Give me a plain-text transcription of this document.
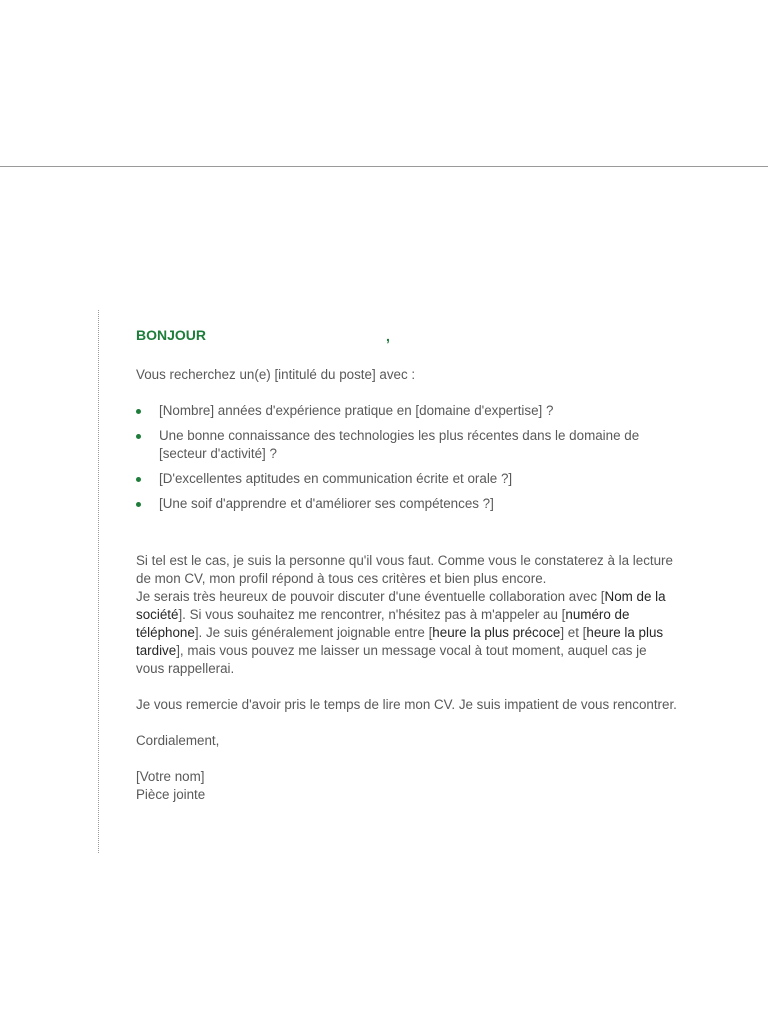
BONJOUR	,
Vous recherchez un(e) [intitulé du poste] avec :
[Nombre] années d'expérience pratique en [domaine d'expertise] ?
Une bonne connaissance des technologies les plus récentes dans le domaine de [secteur d'activité] ?
[D'excellentes aptitudes en communication écrite et orale ?]
[Une soif d'apprendre et d'améliorer ses compétences ?]
Si tel est le cas, je suis la personne qu'il vous faut. Comme vous le constaterez à la lecture de mon CV, mon profil répond à tous ces critères et bien plus encore.
Je serais très heureux de pouvoir discuter d'une éventuelle collaboration avec [Nom de la société]. Si vous souhaitez me rencontrer, n'hésitez pas à m'appeler au [numéro de téléphone]. Je suis généralement joignable entre [heure la plus précoce] et [heure la plus tardive], mais vous pouvez me laisser un message vocal à tout moment, auquel cas je vous rappellerai.
Je vous remercie d'avoir pris le temps de lire mon CV. Je suis impatient de vous rencontrer.
Cordialement,
[Votre nom]
Pièce jointe
